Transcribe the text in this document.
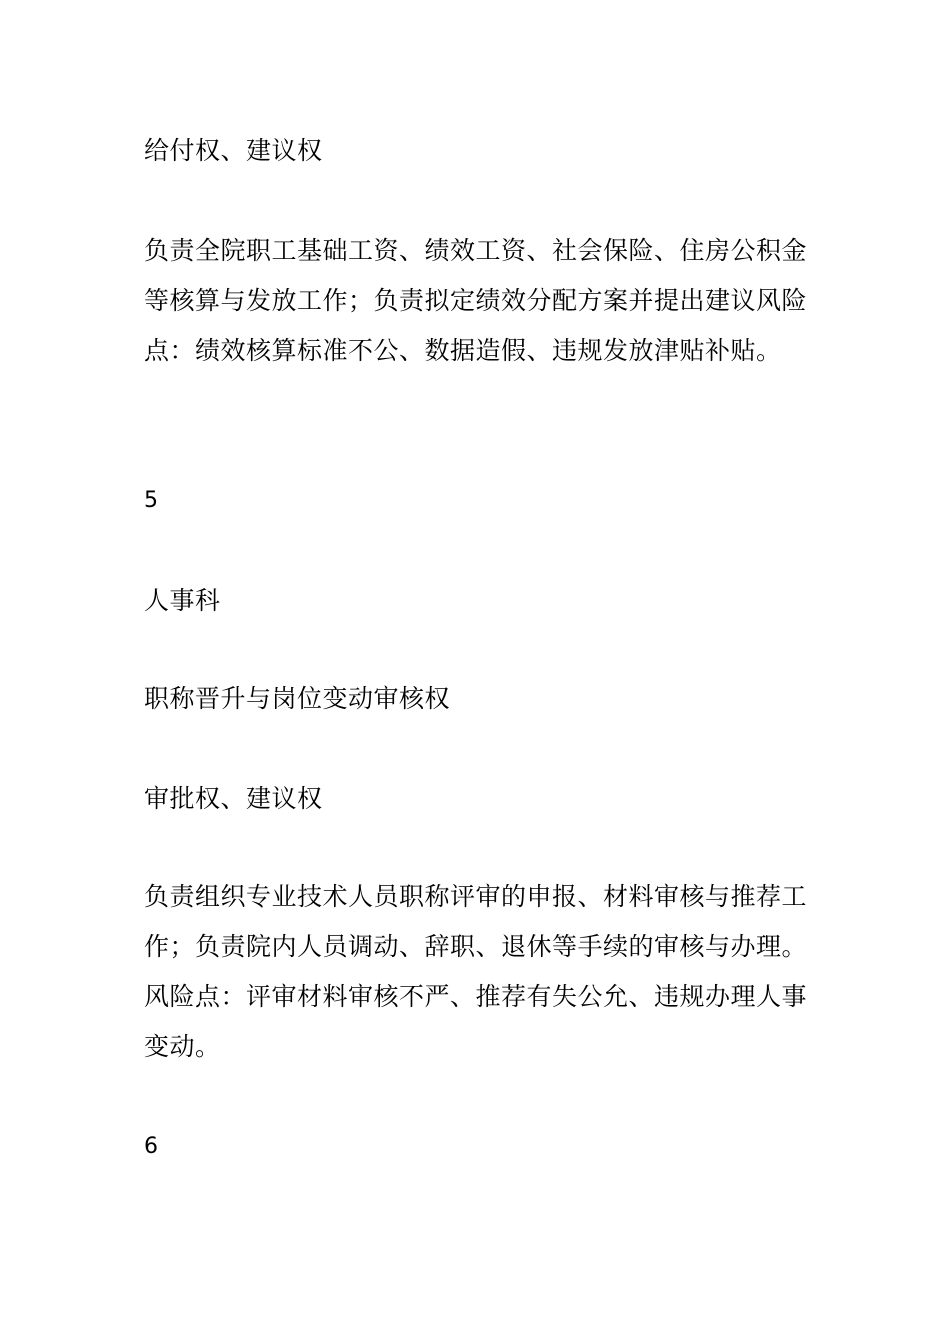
给付权、建议权
负责全院职工基础工资、绩效工资、社会保险、住房公积金等核算与发放工作；负责拟定绩效分配方案并提出建议风险点：绩效核算标准不公、数据造假、违规发放津贴补贴。
5
人事科
职称晋升与岗位变动审核权
审批权、建议权
负责组织专业技术人员职称评审的申报、材料审核与推荐工作；负责院内人员调动、辞职、退休等手续的审核与办理。风险点：评审材料审核不严、推荐有失公允、违规办理人事变动。
6
